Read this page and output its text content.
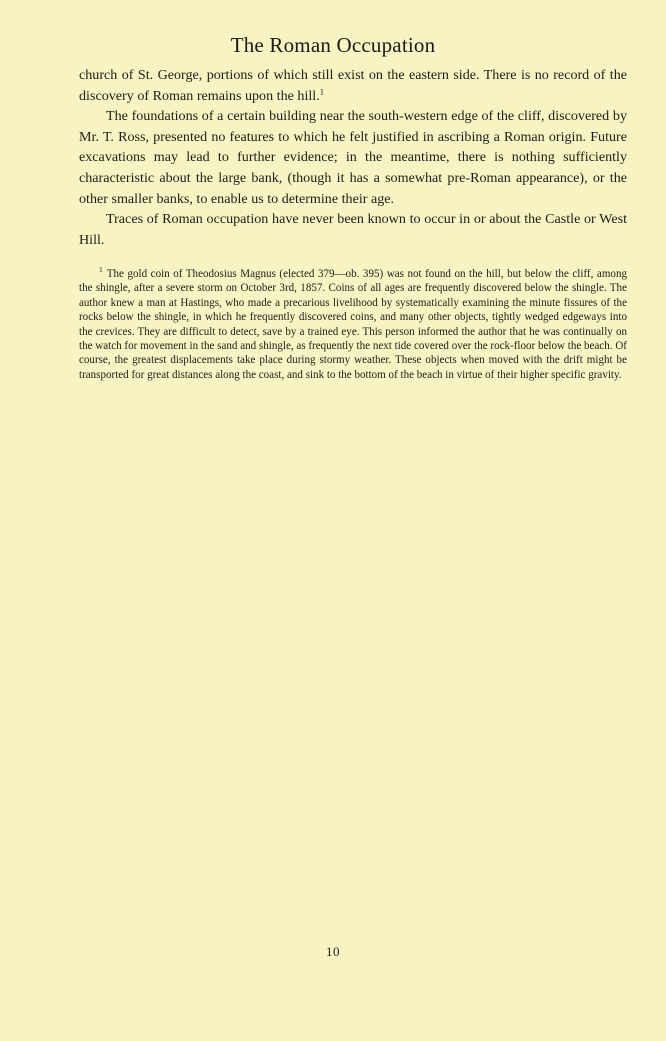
The Roman Occupation

church of St. George, portions of which still exist on the eastern side. There is no record of the discovery of Roman remains upon the hill.$^1$

The foundations of a certain building near the south-western edge of the cliff, discovered by Mr. T. Ross, presented no features to which he felt justified in ascribing a Roman origin. Future excavations may lead to further evidence; in the meantime, there is nothing sufficiently characteristic about the large bank, (though it has a somewhat pre-Roman appearance), or the other smaller banks, to enable us to determine their age.

Traces of Roman occupation have never been known to occur in or about the Castle or West Hill.

$^1$ The gold coin of Theodosius Magnus (elected 379—ob. 395) was not found on the hill, but below the cliff, among the shingle, after a severe storm on October 3rd, 1857. Coins of all ages are frequently discovered below the shingle. The author knew a man at Hastings, who made a precarious livelihood by systematically examining the minute fissures of the rocks below the shingle, in which he frequently discovered coins, and many other objects, tightly wedged edgeways into the crevices. They are difficult to detect, save by a trained eye. This person informed the author that he was continually on the watch for movement in the sand and shingle, as frequently the next tide covered over the rock-floor below the beach. Of course, the greatest displacements take place during stormy weather. These objects when moved with the drift might be transported for great distances along the coast, and sink to the bottom of the beach in virtue of their higher specific gravity.
10
